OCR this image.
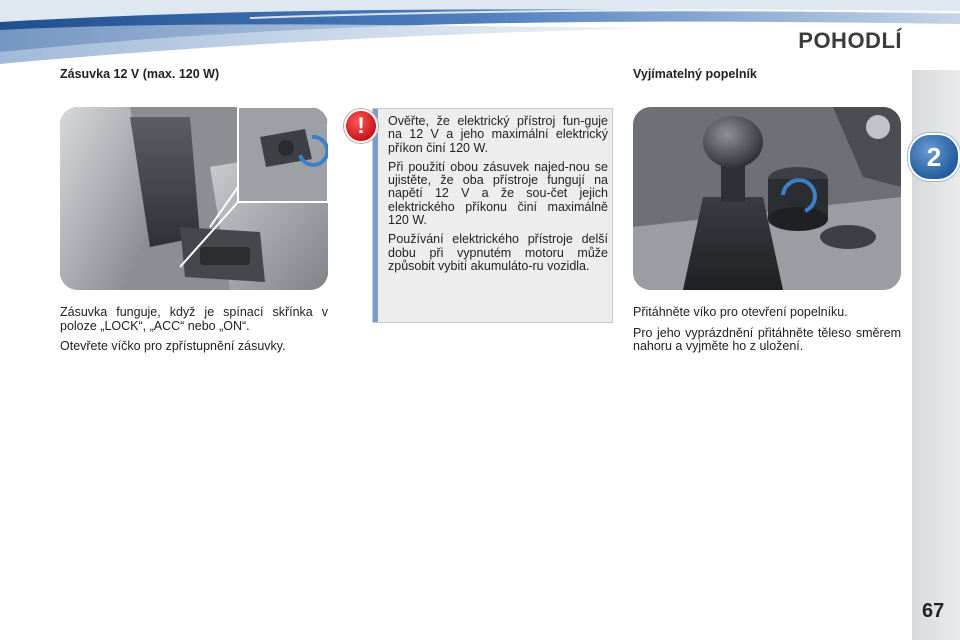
POHODLÍ
2
67
Zásuvka 12 V (max. 120 W)

Zásuvka funguje, když je spínací skřínka v poloze „LOCK“, „ACC“ nebo „ON“.

Otevřete víčko pro zpřístupnění zásuvky.

Ověřte, že elektrický přístroj fun-guje na 12 V a jeho maximální elektrický příkon činí 120 W.

Při použití obou zásuvek najed-nou se ujistěte, že oba přístroje fungují na napětí 12 V a že sou-čet jejich elektrického příkonu činí maximálně 120 W.

Používání elektrického přístroje delší dobu při vypnutém motoru může způsobit vybití akumuláto-ru vozidla.

!
Vyjímatelný popelník

Přitáhněte víko pro otevření popelníku.

Pro jeho vyprázdnění přitáhněte těleso směrem nahoru a vyjměte ho z uložení.
